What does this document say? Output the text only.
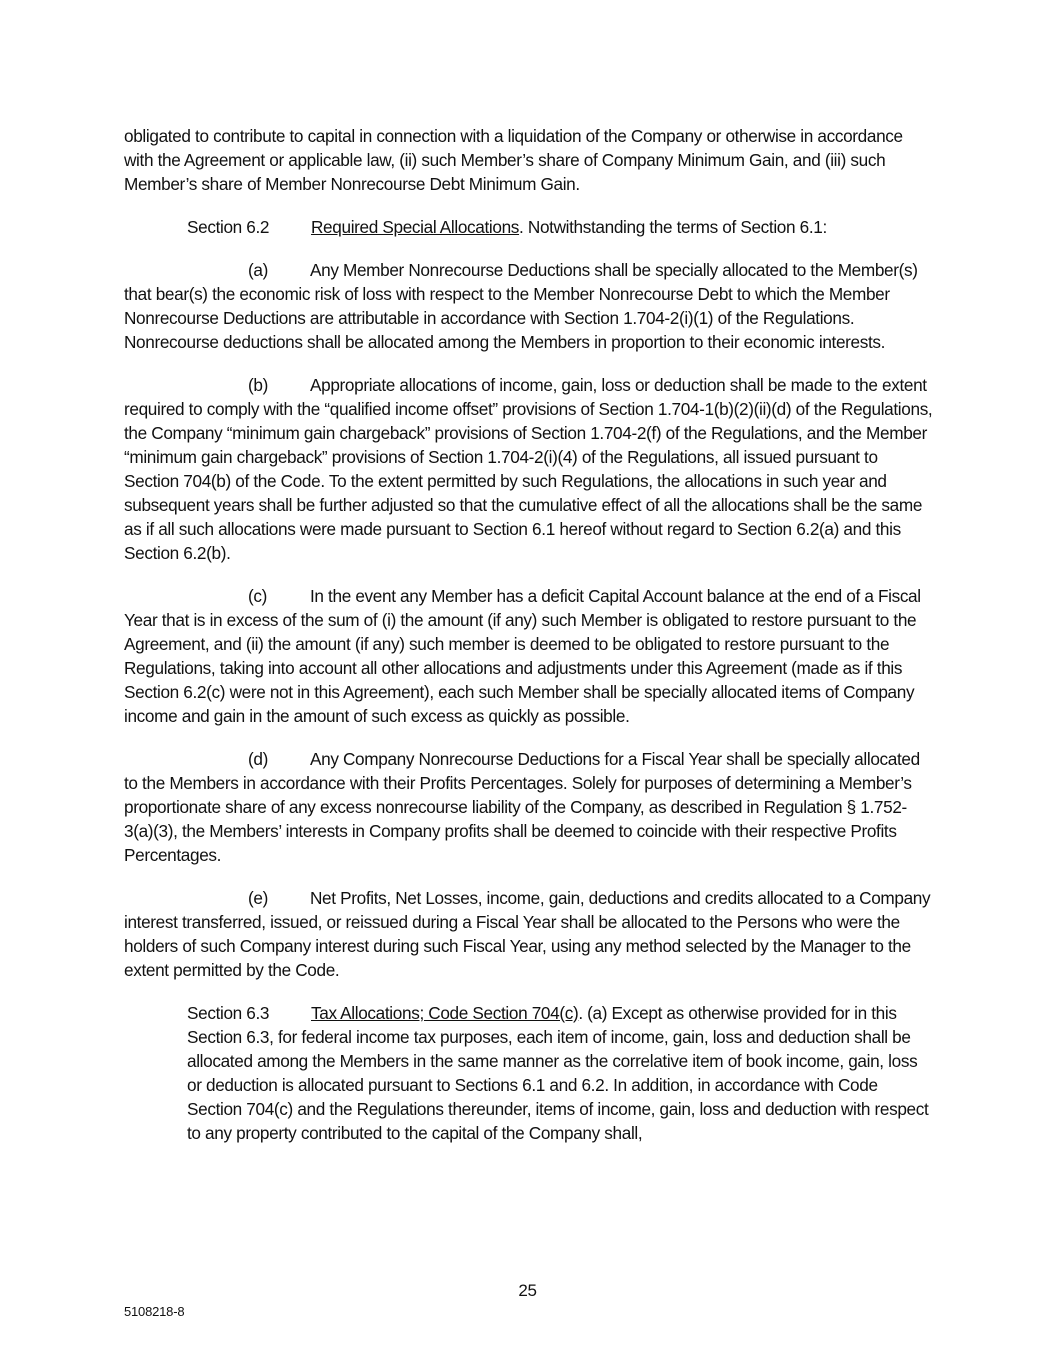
obligated to contribute to capital in connection with a liquidation of the Company or otherwise in accordance with the Agreement or applicable law, (ii) such Member’s share of Company Minimum Gain, and (iii) such Member’s share of Member Nonrecourse Debt Minimum Gain.

Section 6.2 Required Special Allocations. Notwithstanding the terms of Section 6.1:

(a) Any Member Nonrecourse Deductions shall be specially allocated to the Member(s) that bear(s) the economic risk of loss with respect to the Member Nonrecourse Debt to which the Member Nonrecourse Deductions are attributable in accordance with Section 1.704-2(i)(1) of the Regulations. Nonrecourse deductions shall be allocated among the Members in proportion to their economic interests.

(b) Appropriate allocations of income, gain, loss or deduction shall be made to the extent required to comply with the “qualified income offset” provisions of Section 1.704-1(b)(2)(ii)(d) of the Regulations, the Company “minimum gain chargeback” provisions of Section 1.704-2(f) of the Regulations, and the Member “minimum gain chargeback” provisions of Section 1.704-2(i)(4) of the Regulations, all issued pursuant to Section 704(b) of the Code. To the extent permitted by such Regulations, the allocations in such year and subsequent years shall be further adjusted so that the cumulative effect of all the allocations shall be the same as if all such allocations were made pursuant to Section 6.1 hereof without regard to Section 6.2(a) and this Section 6.2(b).

(c)	In the event any Member has a deficit Capital Account balance at the end of a Fiscal Year that is in excess of the sum of (i) the amount (if any) such Member is obligated to restore pursuant to the Agreement, and (ii) the amount (if any) such member is deemed to be obligated to restore pursuant to the Regulations, taking into account all other allocations and adjustments under this Agreement (made as if this Section 6.2(c) were not in this Agreement), each such Member shall be specially allocated items of Company income and gain in the amount of such excess as quickly as possible.

(d) Any Company Nonrecourse Deductions for a Fiscal Year shall be specially allocated to the Members in accordance with their Profits Percentages. Solely for purposes of determining a Member’s proportionate share of any excess nonrecourse liability of the Company, as described in Regulation § 1.752-3(a)(3), the Members’ interests in Company profits shall be deemed to coincide with their respective Profits Percentages.

(e) Net Profits, Net Losses, income, gain, deductions and credits allocated to a Company interest transferred, issued, or reissued during a Fiscal Year shall be allocated to the Persons who were the holders of such Company interest during such Fiscal Year, using any method selected by the Manager to the extent permitted by the Code.

Section 6.3 Tax Allocations; Code Section 704(c). (a) Except as otherwise provided for in this Section 6.3, for federal income tax purposes, each item of income, gain, loss and deduction shall be allocated among the Members in the same manner as the correlative item of book income, gain, loss or deduction is allocated pursuant to Sections 6.1 and 6.2. In addition, in accordance with Code Section 704(c) and the Regulations thereunder, items of income, gain, loss and deduction with respect to any property contributed to the capital of the Company shall,

25
5108218-8
